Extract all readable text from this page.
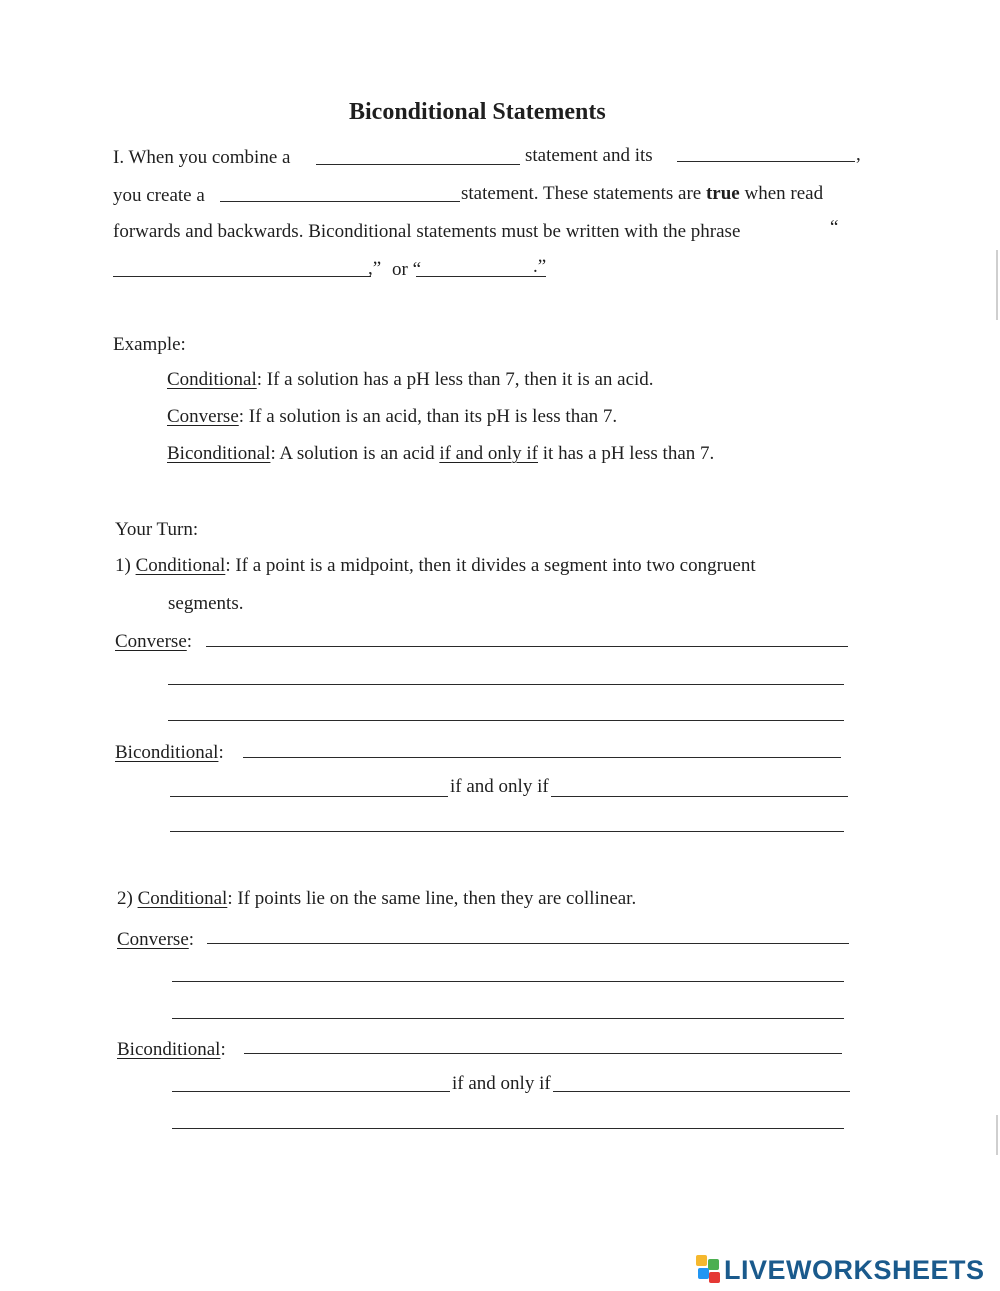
Biconditional Statements
I. When you combine a	statement and its	,
you create a	statement. These statements are true when read
forwards and backwards. Biconditional statements must be written with the phrase	“
,” or “	.”
Example:
Conditional: If a solution has a pH less than 7, then it is an acid.
Converse: If a solution is an acid, than its pH is less than 7.
Biconditional: A solution is an acid if and only if it has a pH less than 7.
Your Turn:
1) Conditional: If a point is a midpoint, then it divides a segment into two congruent
segments.
Converse:
Biconditional:
if and only if
2) Conditional: If points lie on the same line, then they are collinear.
Converse:
Biconditional:
if and only if
LIVEWORKSHEETS
